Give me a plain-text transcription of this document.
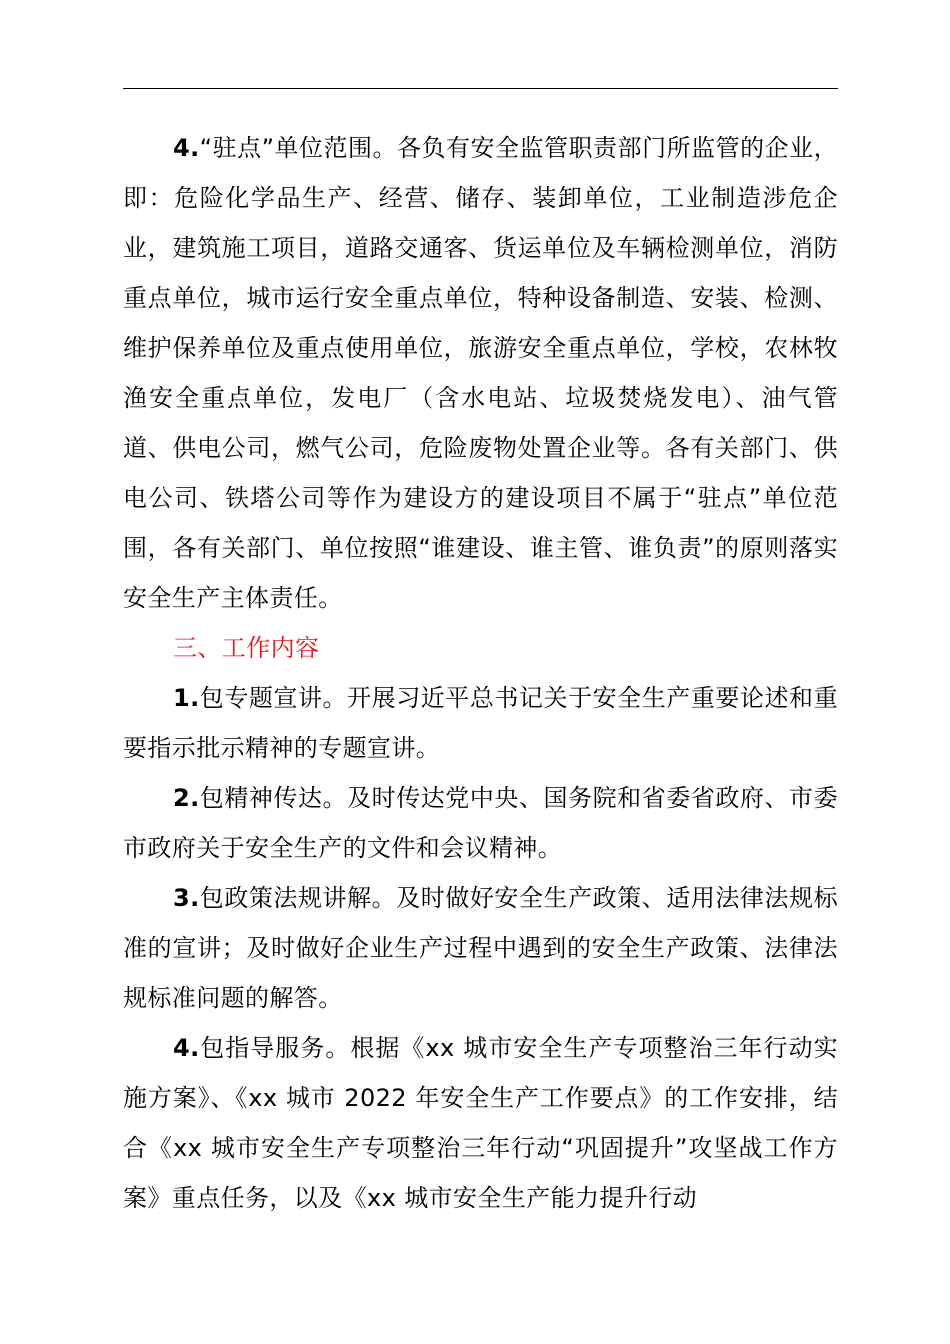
4.“驻点”单位范围。各负有安全监管职责部门所监管的企业，即：危险化学品生产、经营、储存、装卸单位，工业制造涉危企业，建筑施工项目，道路交通客、货运单位及车辆检测单位，消防重点单位，城市运行安全重点单位，特种设备制造、安装、检测、维护保养单位及重点使用单位，旅游安全重点单位，学校，农林牧渔安全重点单位，发电厂（含水电站、垃圾焚烧发电）、油气管道、供电公司，燃气公司，危险废物处置企业等。各有关部门、供电公司、铁塔公司等作为建设方的建设项目不属于“驻点”单位范围，各有关部门、单位按照“谁建设、谁主管、谁负责”的原则落实安全生产主体责任。

三、工作内容

1.包专题宣讲。开展习近平总书记关于安全生产重要论述和重要指示批示精神的专题宣讲。

2.包精神传达。及时传达党中央、国务院和省委省政府、市委市政府关于安全生产的文件和会议精神。

3.包政策法规讲解。及时做好安全生产政策、适用法律法规标准的宣讲；及时做好企业生产过程中遇到的安全生产政策、法律法规标准问题的解答。

4.包指导服务。根据《xx 城市安全生产专项整治三年行动实施方案》、《xx 城市 2022 年安全生产工作要点》的工作安排，结合《xx 城市安全生产专项整治三年行动“巩固提升”攻坚战工作方案》重点任务，以及《xx 城市安全生产能力提升行动
